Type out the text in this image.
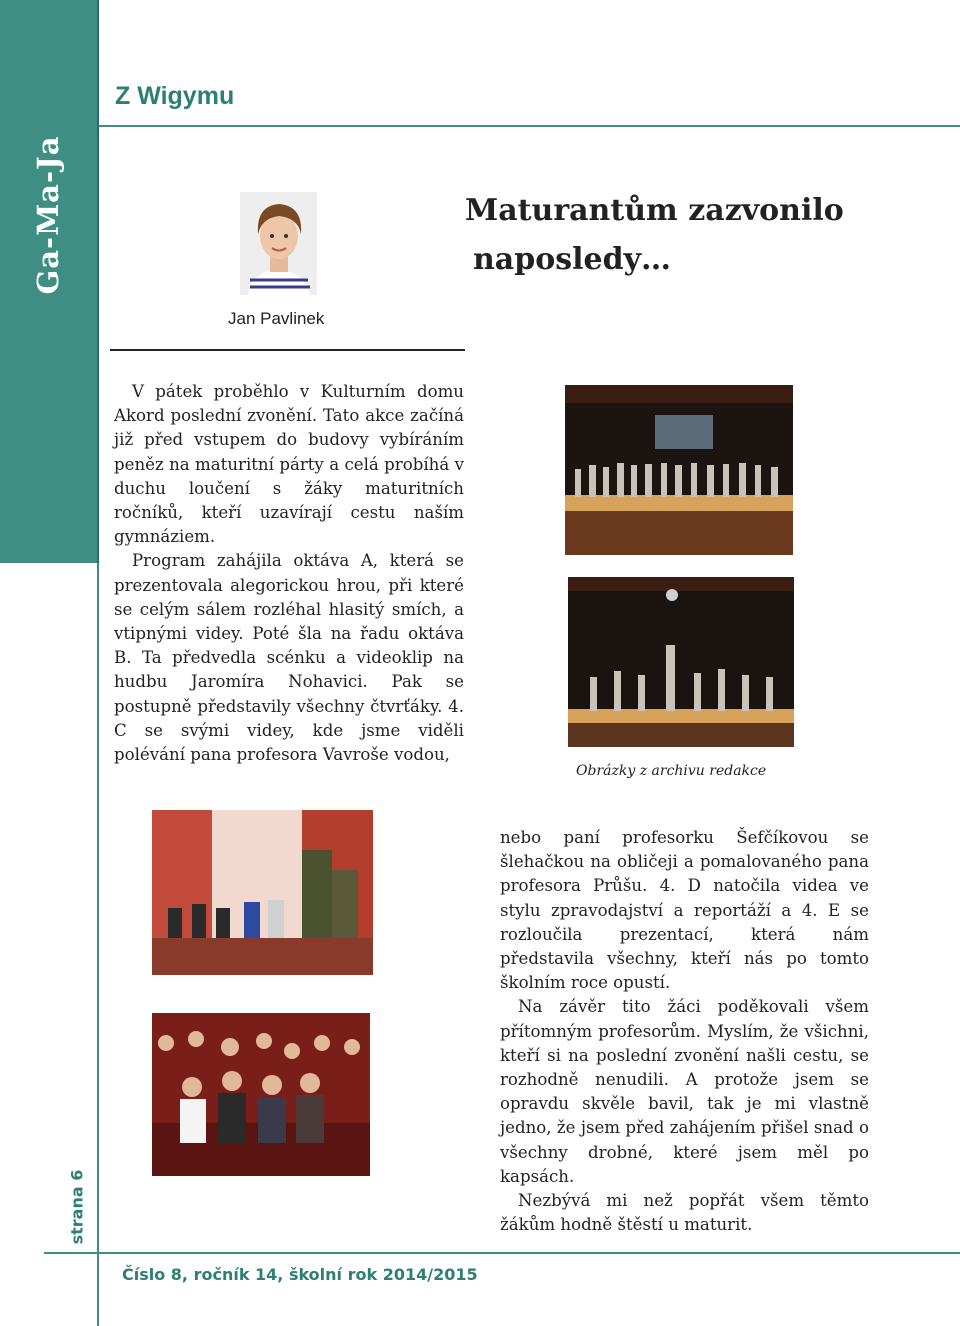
Ga-Ma-Ja
Z Wigymu
Jan Pavlinek
Maturantům zazvonilo
naposledy…

V pátek proběhlo v Kulturním domu Akord poslední zvonění. Tato akce začíná již před vstupem do budovy vybíráním peněz na maturitní párty a celá probíhá v duchu loučení s žáky maturitních ročníků, kteří uzavírají cestu naším gymnáziem.

Program zahájila oktáva A, která se prezentovala alegorickou hrou, při které se celým sálem rozléhal hlasitý smích, a vtipnými videy. Poté šla na řadu oktáva B. Ta předvedla scénku a videoklip na hudbu Jaromíra Nohavici. Pak se postupně představily všechny čtvrťáky. 4. C se svými videy, kde jsme viděli polévání pana profesora Vavroše vodou,

nebo paní profesorku Šefčíkovou se šlehačkou na obličeji a pomalovaného pana profesora Průšu. 4. D natočila videa ve stylu zpravodajství a reportáží a 4. E se rozloučila prezentací, která nám představila všechny, kteří nás po tomto školním roce opustí.

Na závěr tito žáci poděkovali všem přítomným profesorům. Myslím, že všichni, kteří si na poslední zvonění našli cestu, se rozhodně nenudili. A protože jsem se opravdu skvěle bavil, tak je mi vlastně jedno, že jsem před zahájením přišel snad o všechny drobné, které jsem měl po kapsách.

Nezbývá mi než popřát všem těmto žákům hodně štěstí u maturit.

Obrázky z archivu redakce
strana 6
Číslo 8, ročník 14, školní rok 2014/2015
